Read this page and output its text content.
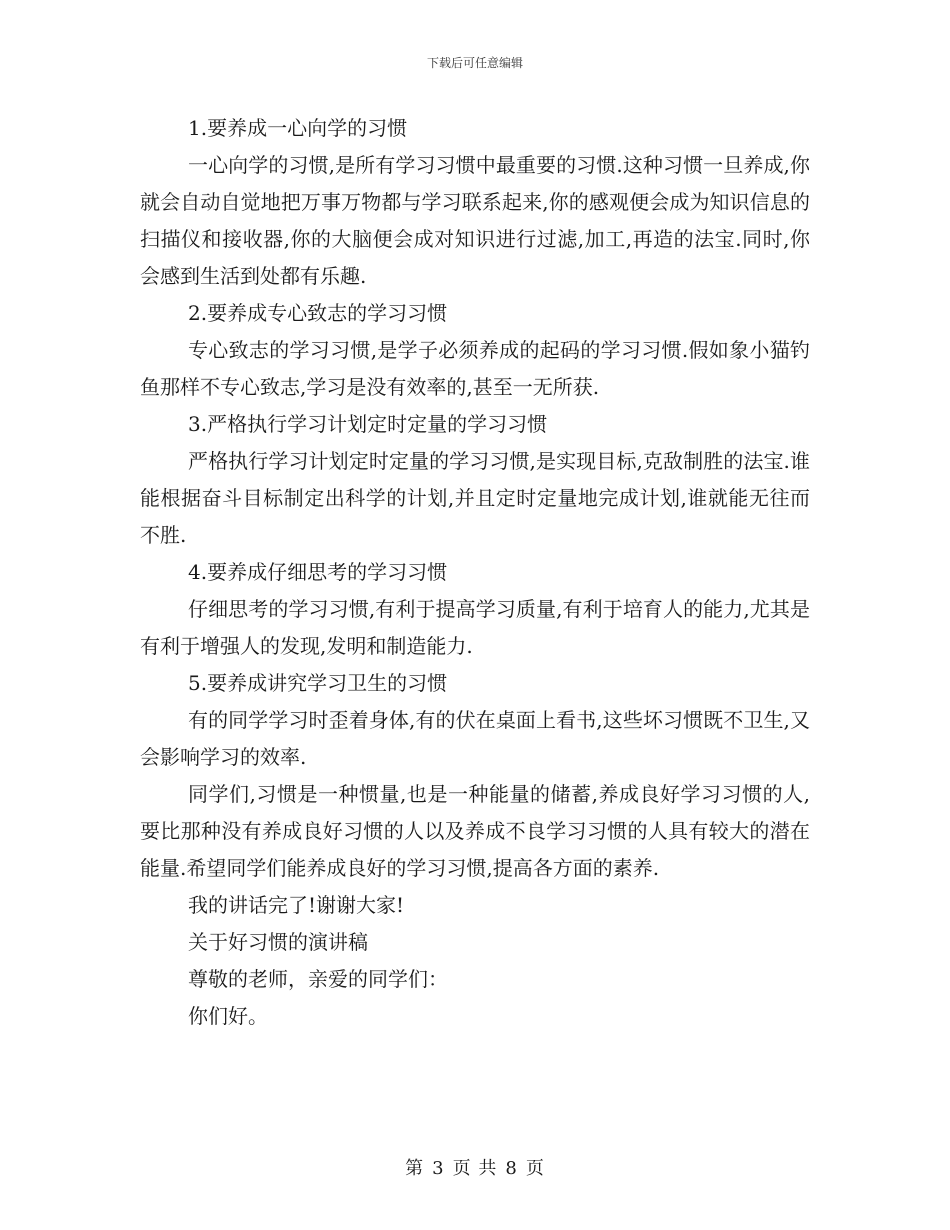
下载后可任意编辑

1.要养成一心向学的习惯

一心向学的习惯,是所有学习习惯中最重要的习惯.这种习惯一旦养成,你就会自动自觉地把万事万物都与学习联系起来,你的感观便会成为知识信息的扫描仪和接收器,你的大脑便会成对知识进行过滤,加工,再造的法宝.同时,你会感到生活到处都有乐趣.

2.要养成专心致志的学习习惯

专心致志的学习习惯,是学子必须养成的起码的学习习惯.假如象小猫钓鱼那样不专心致志,学习是没有效率的,甚至一无所获.

3.严格执行学习计划定时定量的学习习惯

严格执行学习计划定时定量的学习习惯,是实现目标,克敌制胜的法宝.谁能根据奋斗目标制定出科学的计划,并且定时定量地完成计划,谁就能无往而不胜.

4.要养成仔细思考的学习习惯

仔细思考的学习习惯,有利于提高学习质量,有利于培育人的能力,尤其是有利于增强人的发现,发明和制造能力.

5.要养成讲究学习卫生的习惯

有的同学学习时歪着身体,有的伏在桌面上看书,这些坏习惯既不卫生,又会影响学习的效率.

同学们,习惯是一种惯量,也是一种能量的储蓄,养成良好学习习惯的人,要比那种没有养成良好习惯的人以及养成不良学习习惯的人具有较大的潜在能量.希望同学们能养成良好的学习习惯,提高各方面的素养.

我的讲话完了!谢谢大家!

关于好习惯的演讲稿

尊敬的老师，亲爱的同学们：

你们好。

第 3 页 共 8 页
